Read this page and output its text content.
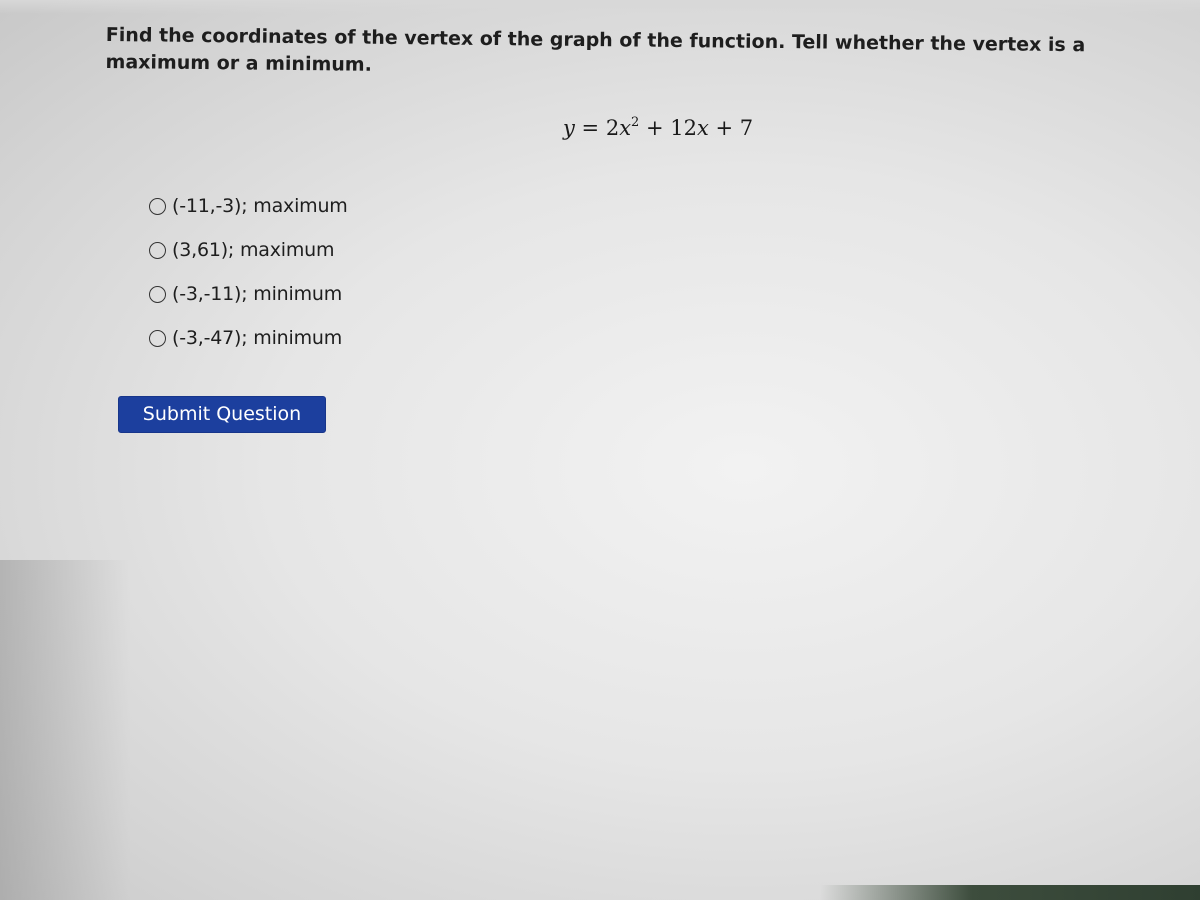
Find the coordinates of the vertex of the graph of the function. Tell whether the vertex is a maximum or a minimum.
$y = 2x^2 + 12x + 7$
(-11,-3); maximum
(3,61); maximum
(-3,-11); minimum
(-3,-47); minimum
Submit Question
